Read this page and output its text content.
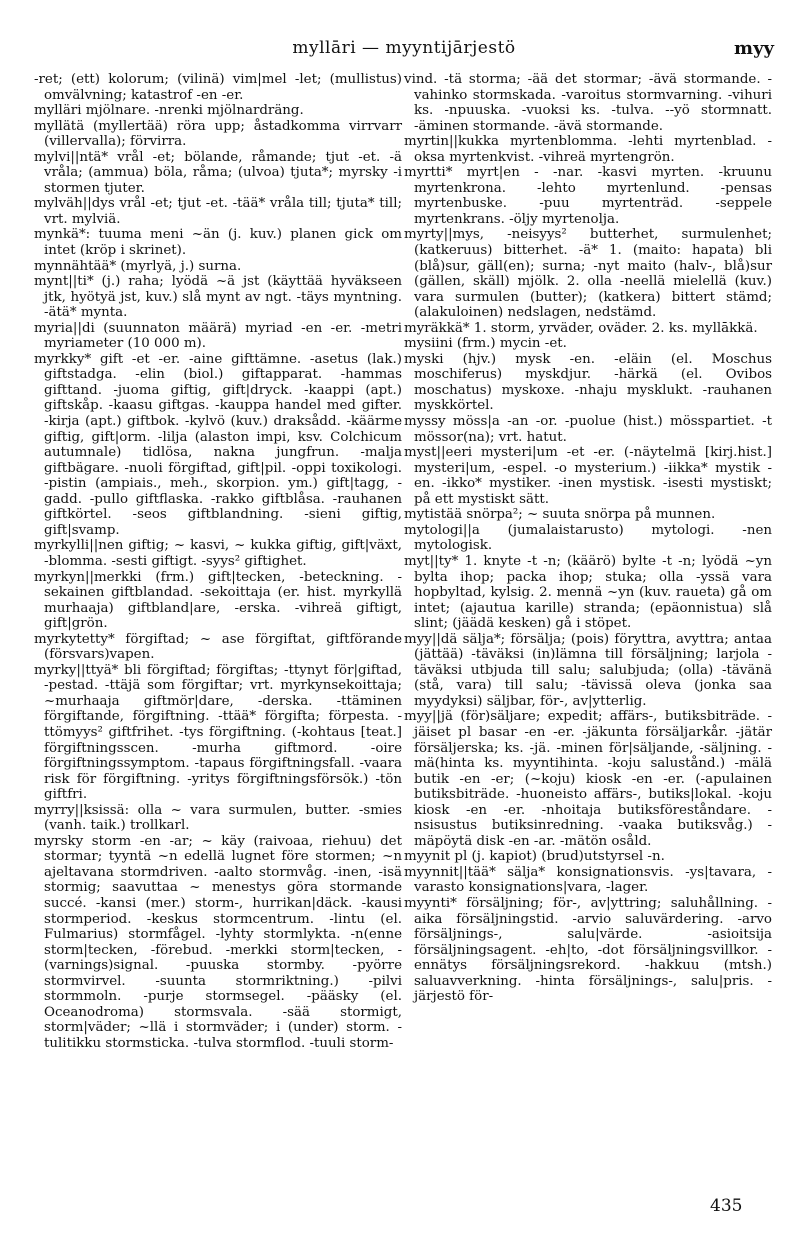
myllāri — myyntijārjestö	myy

-ret; (ett) kolorum; (vilinä) vim|mel -let; (mullistus) omvälvning; katastrof -en -er.

mylläri mjölnare. -nrenki mjölnardräng.

myllätä (myllertää) röra upp; åstadkomma virrvarr (villervalla); förvirra.

mylvi||ntä* vrål -et; bölande, råmande; tjut -et. -ä vråla; (ammua) böla, råma; (ulvoa) tjuta*; myrsky -i stormen tjuter.

mylväh||dys vrål -et; tjut -et. -tää* vråla till; tjuta* till; vrt. mylviä.

mynkä*: tuuma meni ~än (j. kuv.) planen gick om intet (kröp i skrinet).

mynnähtää* (myrlyä, j.) surna.

mynt||ti* (j.) raha; lyödä ~ä jst (käyttää hyväkseen jtk, hyötyä jst, kuv.) slå mynt av ngt. -täys myntning. -ätä* mynta.

myria||di (suunnaton määrä) myriad -en -er. -metri myriameter (10 000 m).

myrkky* gift -et -er. -aine gifttämne. -asetus (lak.) giftstadga. -elin (biol.) giftapparat. -hammas gifttand. -juoma giftig, gift|dryck. -kaappi (apt.) giftskåp. -kaasu giftgas. -kauppa handel med gifter. -kirja (apt.) giftbok. -kylvö (kuv.) draksådd. -käärme giftig, gift|orm. -lilja (alaston impi, ksv. Colchicum autumnale) tidlösa, nakna jungfrun. -malja giftbägare. -nuoli förgiftad, gift|pil. -oppi toxikologi. -pistin (ampiais., meh., skorpion. ym.) gift|tagg, -gadd. -pullo giftflaska. -rakko giftblåsa. -rauhanen giftkörtel. -seos giftblandning. -sieni giftig, gift|svamp.

myrkylli||nen giftig; ~ kasvi, ~ kukka giftig, gift|växt, -blomma. -sesti giftigt. -syys² giftighet.

myrkyn||merkki (frm.) gift|tecken, -beteckning. -sekainen giftblandad. -sekoittaja (er. hist. myrkyllä murhaaja) giftbland|are, -erska. -vihreä giftigt, gift|grön.

myrkytetty* förgiftad; ~ ase förgiftat, giftförande (försvars)vapen.

myrky||ttyä* bli förgiftad; förgiftas; -ttynyt för|giftad, -pestad. -ttäjä som förgiftar; vrt. myrkynsekoittaja; ~murhaaja giftmör|dare, -derska. -ttäminen förgiftande, förgiftning. -ttää* förgifta; förpesta. -ttömyys² giftfrihet. -tys förgiftning. (-kohtaus [teat.] förgiftningsscen. -murha giftmord. -oire förgiftningssymptom. -tapaus förgiftningsfall. -vaara risk för förgiftning. -yritys förgiftningsförsök.) -tön giftfri.

myrry||ksissä: olla ~ vara surmulen, butter. -smies (vanh. taik.) trollkarl.

myrsky storm -en -ar; ~ käy (raivoaa, riehuu) det stormar; tyyntä ~n edellä lugnet före stormen; ~n ajeltavana stormdriven. -aalto stormvåg. -inen, -isä stormig; saavuttaa ~ menestys göra stormande succé. -kansi (mer.) storm-, hurrikan|däck. -kausi stormperiod. -keskus stormcentrum. -lintu (el. Fulmarius) stormfågel. -lyhty stormlykta. -n(enne storm|tecken, -förebud. -merkki storm|tecken, -(varnings)signal. -puuska stormby. -pyörre stormvirvel. -suunta stormriktning.) -pilvi stormmoln. -purje stormsegel. -pääsky (el. Oceanodroma) stormsvala. -sää stormigt, storm|väder; ~llä i stormväder; i (under) storm. -tulitikku stormsticka. -tulva stormflod. -tuuli storm-

vind. -tä storma; -ää det stormar; -ävä stormande. -vahinko stormskada. -varoitus stormvarning. -vihuri ks. -npuuska. -vuoksi ks. -tulva. --yö stormnatt. -äminen stormande. -ävä stormande.

myrtin||kukka myrtenblomma. -lehti myrtenblad. -oksa myrtenkvist. -vihreä myrtengrön.

myrtti* myrt|en - -nar. -kasvi myrten. -kruunu myrtenkrona. -lehto myrtenlund. -pensas myrtenbuske. -puu myrtenträd. -seppele myrtenkrans. -öljy myrtenolja.

myrty||mys, -neisyys² butterhet, surmulenhet; (katkeruus) bitterhet. -ä* 1. (maito: hapata) bli (blå)sur, gäll(en); surna; -nyt maito (halv-, blå)sur (gällen, skäll) mjölk. 2. olla -neellä mielellä (kuv.) vara surmulen (butter); (katkera) bittert stämd; (alakuloinen) nedslagen, nedstämd.

myräkkä* 1. storm, yrväder, oväder. 2. ks. myllākkä.

mysiini (frm.) mycin -et.

myski (hjv.) mysk -en. -eläin (el. Moschus moschiferus) myskdjur. -härkä (el. Ovibos moschatus) myskoxe. -nhaju mysklukt. -rauhanen myskkörtel.

myssy möss|a -an -or. -puolue (hist.) mösspartiet. -t mössor(na); vrt. hatut.

myst||eeri mysteri|um -et -er. (-näytelmä [kirj.hist.] mysteri|um, -espel. -o mysterium.) -iikka* mystik -en. -ikko* mystiker. -inen mystisk. -isesti mystiskt; på ett mystiskt sätt.

mytistää snörpa²; ~ suuta snörpa på munnen.

mytologi||a (jumalaistarusto) mytologi. -nen mytologisk.

myt||ty* 1. knyte -t -n; (käärö) bylte -t -n; lyödä ~yn bylta ihop; packa ihop; stuka; olla -yssä vara hopbyltad, kylsig. 2. mennä ~yn (kuv. raueta) gå om intet; (ajautua karille) stranda; (epäonnistua) slå slint; (jäädä kesken) gå i stöpet.

myy||dä sälja*; försälja; (pois) föryttra, avyttra; antaa (jättää) -täväksi (in)lämna till försäljning; larjola -täväksi utbjuda till salu; salubjuda; (olla) -tävänä (stå, vara) till salu; -tävissä oleva (jonka saa myydyksi) säljbar, för-, av|ytterlig.

myy||jä (för)säljare; expedit; affärs-, butiksbiträde. -jäiset pl basar -en -er. -jäkunta försäljarkår. -jätär försäljerska; ks. -jä. -minen för|säljande, -säljning. -mä(hinta ks. myyntihinta. -koju salustånd.) -mälä butik -en -er; (~koju) kiosk -en -er. (-apulainen butiksbiträde. -huoneisto affärs-, butiks|lokal. -koju kiosk -en -er. -nhoitaja butiksföreståndare. -nsisustus butiksinredning. -vaaka butiksvåg.) -mäpöytä disk -en -ar. -mätön osåld.

myynit pl (j. kapiot) (brud)utstyrsel -n.

myynnit||tää* sälja* konsignationsvis. -ys|tavara, -varasto konsignations|vara, -lager.

myynti* försäljning; för-, av|yttring; saluhållning. -aika försäljningstid. -arvio saluvärdering. -arvo försäljnings-, salu|värde. -asioitsija försäljningsagent. -eh|to, -dot försäljningsvillkor. -ennätys försäljningsrekord. -hakkuu (mtsh.) saluavverkning. -hinta försäljnings-, salu|pris. -järjestö för-

435
